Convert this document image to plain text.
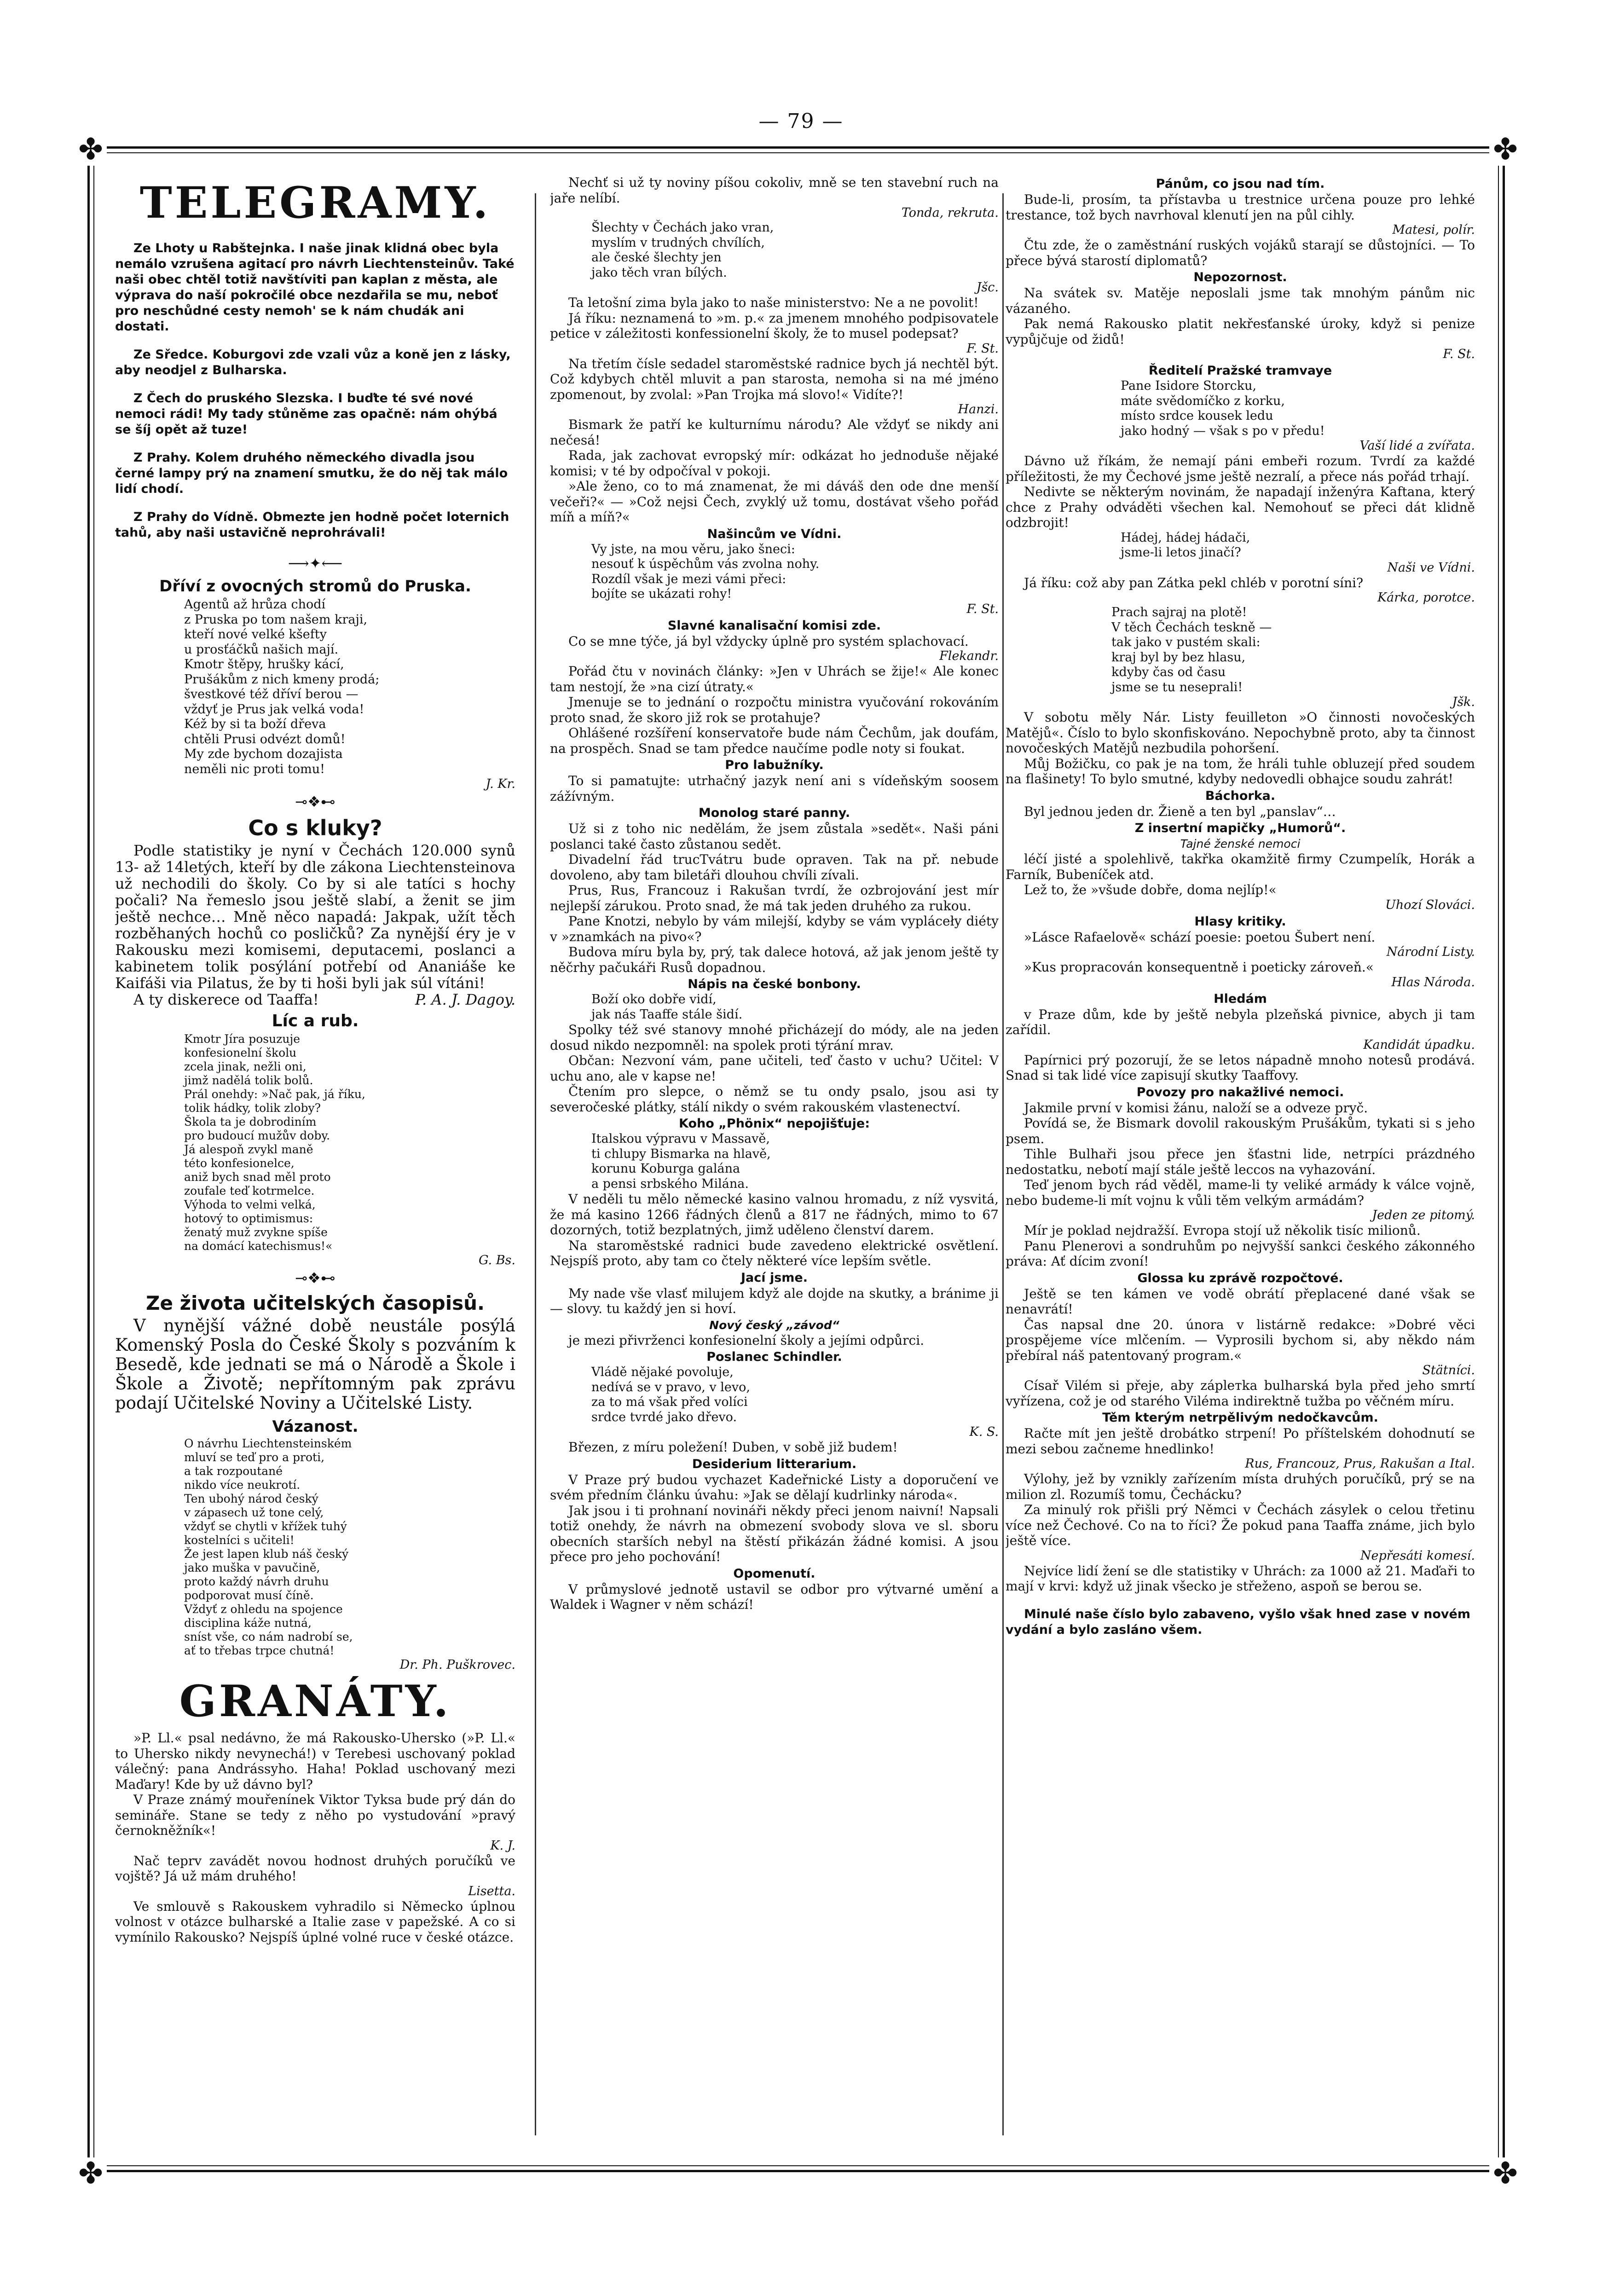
— 79 —
✤	✤
✤	✤
TELEGRAMY.

Ze Lhoty u Rabštejnka. I naše jinak klidná obec byla nemálo vzrušena agitací pro návrh Liechtensteinův. Také naši obec chtěl totiž navštíviti pan kaplan z města, ale výprava do naší pokročilé obce nezdařila se mu, neboť pro neschůdné cesty nemoh' se k nám chudák ani dostati.

Ze Sředce. Koburgovi zde vzali vůz a koně jen z lásky, aby neodjel z Bulharska.

Z Čech do pruského Slezska. I buďte té své nové nemoci rádi! My tady stůněme zas opačně: nám ohýbá se šíj opět až tuze!

Z Prahy. Kolem druhého německého divadla jsou černé lampy prý na znamení smutku, že do něj tak málo lidí chodí.

Z Prahy do Vídně. Obmezte jen hodně počet loternich tahů, aby naši ustavičně neprohrávali!

⟶✦⟵
Dříví z ovocných stromů do Pruska.
Agentů až hrůza chodí
z Pruska po tom našem kraji,
kteří nové velké kšefty
u prosťáčků našich mají.
Kmotr štěpy, hrušky kácí,
Prušákům z nich kmeny prodá;
švestkové též dříví berou —
vždyť je Prus jak velká voda!
Kéž by si ta boží dřeva
chtěli Prusi odvézt domů!
My zde bychom dozajista
neměli nic proti tomu!
J. Kr.
⊸❖⊷
Co s kluky?

Podle statistiky je nyní v Čechách 120.000 synů 13- až 14letých, kteří by dle zákona Liechtensteinova už nechodili do školy. Co by si ale tatíci s hochy počali? Na řemeslo jsou ještě slabí, a ženit se jim ještě nechce… Mně něco napadá: Jakpak, užít těch rozběhaných hochů co posličků? Za nynější éry je v Rakousku mezi komisemi, deputacemi, poslanci a kabinetem tolik posýlání potřebí od Ananiáše ke Kaifáši via Pilatus, že by ti hoši byli jak súl vítáni!

A ty diskerece od Taaffa!	P. A. J. Dagoy.

Líc a rub.
Kmotr Jíra posuzuje
konfesionelní školu
zcela jinak, nežli oni,
jimž nadělá tolik bolů.
Prál onehdy: »Nač pak, já říku,
tolik hádky, tolik zloby?
Škola ta je dobrodiním
pro budoucí mužův doby.
Já alespoň zvykl maně
této konfesionelce,
aniž bych snad měl proto
zoufale teď kotrmelce.
Výhoda to velmi velká,
hotový to optimismus:
ženatý muž zvykne spíše
na domácí katechismus!«
G. Bs.
⊸❖⊷
Ze života učitelských časopisů.

V nynější vážné době neustále posýlá Komenský Posla do České Školy s pozváním k Besedě, kde jednati se má o Národě a Škole i Škole a Životě; nepřítomným pak zprávu podají Učitelské Noviny a Učitelské Listy.

Vázanost.
O návrhu Liechtensteinském
mluví se teď pro a proti,
a tak rozpoutané
nikdo více neukrotí.
Ten ubohý národ český
v zápasech už tone celý,
vždyť se chytli v křížek tuhý
kostelníci s učiteli!
Že jest lapen klub náš český
jako muška v pavučině,
proto každý návrh druhu
podporovat musí číně.
Vždyť z ohledu na spojence
disciplina káže nutná,
sníst vše, co nám nadrobí se,
ať to třebas trpce chutná!
Dr. Ph. Puškrovec.
GRANÁTY.

»P. Ll.« psal nedávno, že má Rakousko-Uhersko (»P. Ll.« to Uhersko nikdy nevynechá!) v Terebesi uschovaný poklad válečný: pana Andrássyho. Haha! Poklad uschovaný mezi Maďary! Kde by už dávno byl?

V Praze známý mouřenínek Viktor Tyksa bude prý dán do semináře. Stane se tedy z něho po vystudování »pravý černokněžník«!

K. J.

Nač teprv zavádět novou hodnost druhých poručíků ve vojště? Já už mám druhého!

Lisetta.

Ve smlouvě s Rakouskem vyhradilo si Německo úplnou volnost v otázce bulharské a Italie zase v papežské. A co si vymínilo Rakousko? Nejspíš úplné volné ruce v české otázce.

Nechť si už ty noviny píšou cokoliv, mně se ten stavební ruch na jaře nelíbí.

Tonda, rekruta.
Šlechty v Čechách jako vran,
myslím v trudných chvílích,
ale české šlechty jen
jako těch vran bílých.
Jšc.

Ta letošní zima byla jako to naše ministerstvo: Ne a ne povolit!

Já říku: neznamená to »m. p.« za jmenem mnohého podpisovatele petice v záležitosti konfessionelní školy, že to musel podepsat?

F. St.

Na třetím čísle sedadel staroměstské radnice bych já nechtěl být. Což kdybych chtěl mluvit a pan starosta, nemoha si na mé jméno zpomenout, by zvolal: »Pan Trojka má slovo!« Vidíte?!

Hanzi.

Bismark že patří ke kulturnímu národu? Ale vždyť se nikdy ani nečesá!

Rada, jak zachovat evropský mír: odkázat ho jednoduše nějaké komisi; v té by odpočíval v pokoji.

»Ale ženo, co to má znamenat, že mi dáváš den ode dne menší večeři?« — »Což nejsi Čech, zvyklý už tomu, dostávat všeho pořád míň a míň?«

Našincům ve Vídni.
Vy jste, na mou věru, jako šneci:
nesouť k úspěchům vás zvolna nohy.
Rozdíl však je mezi vámi přeci:
bojíte se ukázati rohy!
F. St.
Slavné kanalisační komisi zde.

Co se mne týče, já byl vždycky úplně pro systém splachovací.

Flekandr.

Pořád čtu v novinách články: »Jen v Uhrách se žije!« Ale konec tam nestojí, že »na cizí útraty.«

Jmenuje se to jednání o rozpočtu ministra vyučování rokováním proto snad, že skoro již rok se protahuje?

Ohlášené rozšíření konservatoře bude nám Čechům, jak doufám, na prospěch. Snad se tam předce naučíme podle noty si foukat.

Pro labužníky.

To si pamatujte: utrhačný jazyk není ani s vídeňským soosem zážívným.

Monolog staré panny.

Už si z toho nic nedělám, že jsem zůstala »sedět«. Naši páni poslanci také často zůstanou sedět.

Divadelní řád trucTvátru bude opraven. Tak na př. nebude dovoleno, aby tam biletáři dlouhou chvíli zívali.

Prus, Rus, Francouz i Rakušan tvrdí, že ozbrojování jest mír nejlepší zárukou. Proto snad, že má tak jeden druhého za rukou.

Pane Knotzi, nebylo by vám milejší, kdyby se vám vypláceły diéty v »znamkách na pivo«?

Budova míru byla by, prý, tak dalece hotová, až jak jenom ještě ty něčrhy pačukáři Rusů dopadnou.

Nápis na české bonbony.
Boží oko dobře vidí,
jak nás Taaffe stále šidí.

Spolky též své stanovy mnohé přicházejí do módy, ale na jeden dosud nikdo nezpomněl: na spolek proti týrání mrav.

Občan: Nezvoní vám, pane učiteli, teď často v uchu? Učitel: V uchu ano, ale v kapse ne!

Čtením pro slepce, o němž se tu ondy psalo, jsou asi ty severočeské plátky, stálí nikdy o svém rakouském vlastenectví.

Koho „Phönix“ nepojišťuje:
Italskou výpravu v Massavě,
ti chlupy Bismarka na hlavě,
korunu Koburga galána
a pensi srbského Milána.

V neděli tu mělo německé kasino valnou hromadu, z níž vysvitá, že má kasino 1266 řádných členů a 817 ne řádných, mimo to 67 dozorných, totiž bezplatných, jimž uděleno členství darem.

Na staroměstské radnici bude zavedeno elektrické osvětlení. Nejspíš proto, aby tam co čtely některé více lepším světle.

Jací jsme.

My nade vše vlasť milujem když ale dojde na skutky, a bránime ji — slovy. tu každý jen si hoví.

Nový český „závod“

je mezi přivrženci konfesionelní školy a jejími odpůrci.

Poslanec Schindler.
Vládě nějaké povoluje,
nedívá se v pravo, v levo,
za to má však před volíci
srdce tvrdé jako dřevo.
K. S.

Březen, z míru poležení! Duben, v sobě již budem!

Desiderium litterarium.

V Praze prý budou vychazet Kadeřnické Listy a doporučení ve svém předním článku úvahu: »Jak se dělají kudrlinky národa«.

Jak jsou i ti prohnaní novináři někdy přeci jenom naivní! Napsali totiž onehdy, že návrh na obmezení svobody slova ve sl. sboru obecních starších nebyl na štěstí přikázán žádné komisi. A jsou přece pro jeho pochování!

Opomenutí.

V průmyslové jednotě ustavil se odbor pro výtvarné umění a Waldek i Wagner v něm schází!

Pánům, co jsou nad tím.

Bude-li, prosím, ta přístavba u trestnice určena pouze pro lehké trestance, tož bych navrhoval klenutí jen na půl cihly.

Matesi, polír.

Čtu zde, že o zaměstnání ruských vojáků starají se důstojníci. — To přece bývá starostí diplomatů?

Nepozornost.

Na svátek sv. Matěje neposlali jsme tak mnohým pánům nic vázaného.

Pak nemá Rakousko platit nekřesťanské úroky, když si penize vypůjčuje od židů!

F. St.
Ředitelí Pražské tramvaye
Pane Isidore Storcku,
máte svědomíčko z korku,
místo srdce kousek ledu
jako hodný — však s po v předu!
Vaší lidé a zvířata.

Dávno už říkám, že nemají páni embeři rozum. Tvrdí za každé příležitosti, že my Čechové jsme ještě nezralí, a přece nás pořád trhají.

Nedivte se některým novinám, že napadají inženýra Kaftana, který chce z Prahy odváděti všechen kal. Nemohouť se přeci dát klidně odzbrojit!

Hádej, hádej hádači,
jsme-li letos jinačí?
Naši ve Vídni.

Já říku: což aby pan Zátka pekl chléb v porotní síni?

Kárka, porotce.
Prach sajraj na plotě!
V těch Čechách teskně —
tak jako v pustém skali:
kraj byl by bez hlasu,
kdyby čas od času
jsme se tu neseprali!
Jšk.

V sobotu měly Nár. Listy feuilleton »O činnosti novočeských Matějů«. Číslo to bylo skonfiskováno. Nepochybně proto, aby ta činnost novočeských Matějů nezbudila pohoršení.

Můj Božičku, co pak je na tom, že hráli tuhle obluzejí před soudem na flašinety! To bylo smutné, kdyby nedovedli obhajce soudu zahrát!

Báchorka.

Byl jednou jeden dr. Žieně a ten byl „panslav“…

Z insertní mapičky „Humorů“.
Tajné ženské nemoci

léčí jisté a spolehlivě, takřka okamžitě firmy Czumpelík, Horák a Farník, Bubeníček atd.

Lež to, že »všude dobře, doma nejlíp!«

Uhozí Slováci.
Hlasy kritiky.

»Lásce Rafaelově« schází poesie: poetou Šubert není.

Národní Listy.

»Kus propracován konsequentně i poeticky zároveň.«

Hlas Národa.
Hledám

v Praze dům, kde by ještě nebyla plzeňská pivnice, abych ji tam zařídil.

Kandidát úpadku.

Papírnici prý pozorují, že se letos nápadně mnoho notesů prodává. Snad si tak lidé více zapisují skutky Taaffovy.

Povozy pro nakažlivé nemoci.

Jakmile první v komisi žánu, naloží se a odveze pryč.

Povídá se, že Bismark dovolil rakouským Prušákům, tykati si s jeho psem.

Tihle Bulhaři jsou přece jen šťastni lide, netrpíci prázdného nedostatku, nebotí mají stále ještě leccos na vyhazování.

Teď jenom bych rád věděl, mame-li ty veliké armády k válce vojně, nebo budeme-li mít vojnu k vůli těm velkým armádám?

Jeden ze pitomý.

Mír je poklad nejdražší. Evropa stojí už několik tisíc milionů.

Panu Plenerovi a sondruhům po nejvyšší sankci českého zákonného práva: Ať dícim zvoní!

Glossa ku zprávě rozpočtové.

Ještě se ten kámen ve vodě obrátí přeplacené dané však se nenavrátí!

Čas napsal dne 20. února v listárně redakce: »Dobré věci prospějeme více mlčením. — Vyprosili bychom si, aby někdo nám přebíral náš patentovaný program.«

Stätníci.

Císař Vilém si přeje, aby záplетka bulharská byla před jeho smrtí vyřízena, což je od starého Viléma indirektně tužba po věčném míru.

Těm kterým netrpělivým nedočkavcům.

Račte mít jen ještě drobátko strpení! Po příštelském dohodnutí se mezi sebou začneme hnedlinko!

Rus, Francouz, Prus, Rakušan a Ital.

Výlohy, jež by vznikly zařízením místa druhých poručíků, prý se na milion zl. Rozumíš tomu, Čechácku?

Za minulý rok přišli prý Němci v Čechách zásylek o celou třetinu více než Čechové. Co na to říci? Že pokud pana Taaffa známe, jich bylo ještě více.

Nepřesáti komesí.

Nejvíce lidí žení se dle statistiky v Uhrách: za 1000 až 21. Maďaři to mají v krvi: když už jinak všecko je střeženo, aspoň se berou se.

Minulé naše číslo bylo zabaveno, vyšlo však hned zase v novém vydání a bylo zasláno všem.
